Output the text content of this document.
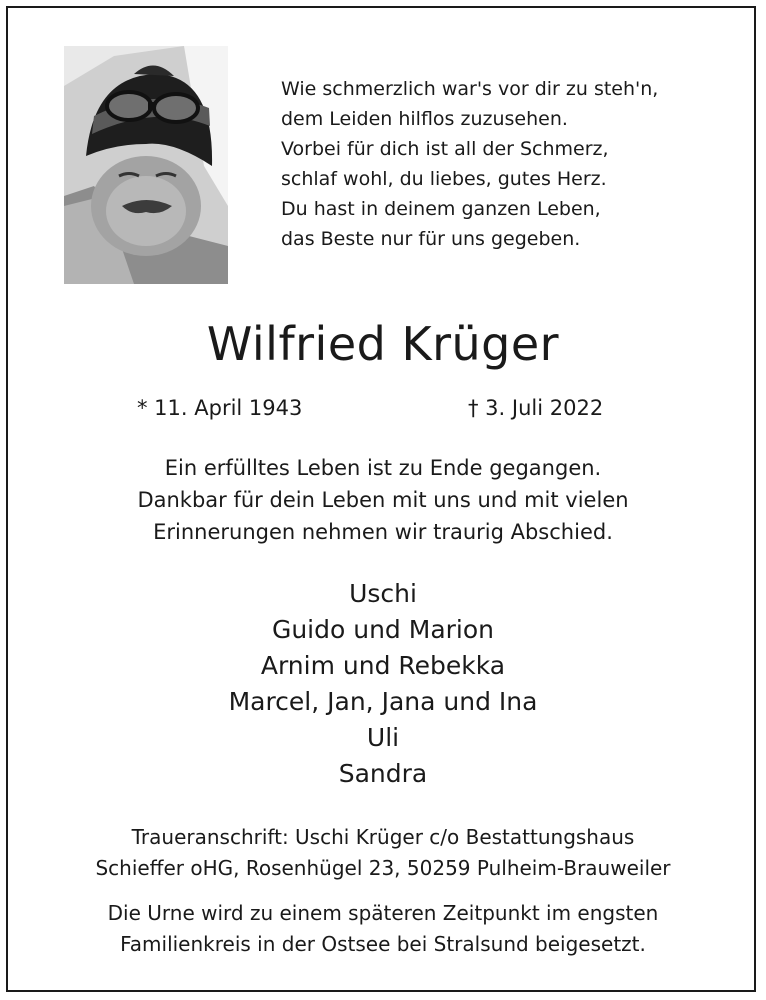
Wie schmerzlich war's vor dir zu steh'n,
dem Leiden hilflos zuzusehen.
Vorbei für dich ist all der Schmerz,
schlaf wohl, du liebes, gutes Herz.
Du hast in deinem ganzen Leben,
das Beste nur für uns gegeben.
Wilfried Krüger
* 11. April 1943	† 3. Juli 2022
Ein erfülltes Leben ist zu Ende gegangen.
Dankbar für dein Leben mit uns und mit vielen
Erinnerungen nehmen wir traurig Abschied.
Uschi
Guido und Marion
Arnim und Rebekka
Marcel, Jan, Jana und Ina
Uli
Sandra
Traueranschrift: Uschi Krüger c/o Bestattungshaus
Schieffer oHG, Rosenhügel 23, 50259 Pulheim-Brauweiler
Die Urne wird zu einem späteren Zeitpunkt im engsten
Familienkreis in der Ostsee bei Stralsund beigesetzt.
